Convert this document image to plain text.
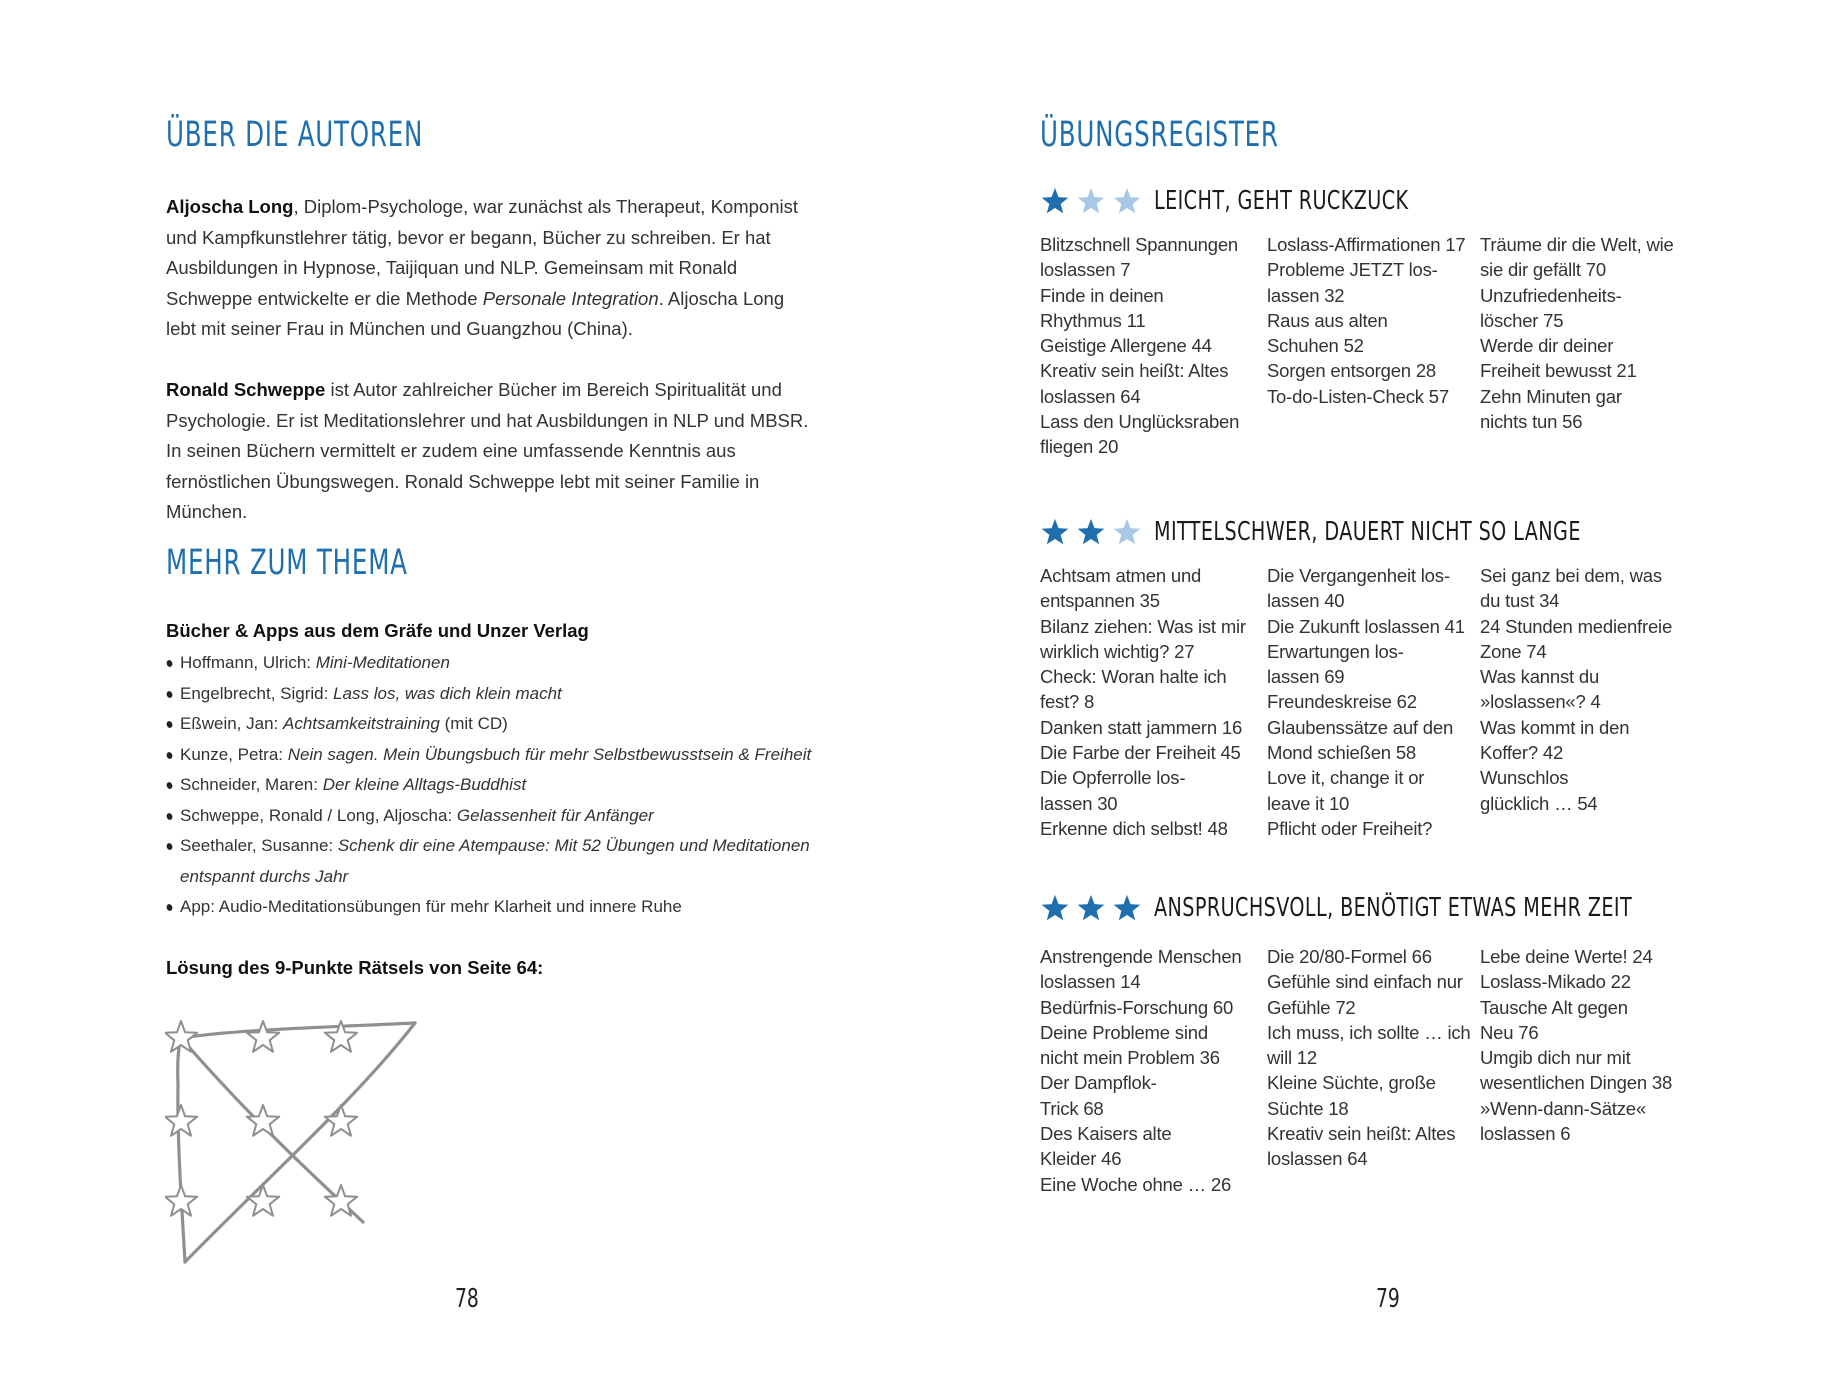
ÜBER DIE AUTOREN

Aljoscha Long, Diplom-Psychologe, war zunächst als Therapeut, Komponist und Kampfkunstlehrer tätig, bevor er begann, Bücher zu schreiben. Er hat Ausbildungen in Hypnose, Taijiquan und NLP. Gemeinsam mit Ronald Schweppe entwickelte er die Methode Personale Integration. Aljoscha Long lebt mit seiner Frau in München und Guangzhou (China).

Ronald Schweppe ist Autor zahlreicher Bücher im Bereich Spiritualität und Psychologie. Er ist Meditationslehrer und hat Ausbildungen in NLP und MBSR. In seinen Büchern vermittelt er zudem eine umfassende Kenntnis aus fernöstlichen Übungswegen. Ronald Schweppe lebt mit seiner Familie in München.

MEHR ZUM THEMA

Bücher & Apps aus dem Gräfe und Unzer Verlag

Hoffmann, Ulrich: Mini-Meditationen
Engelbrecht, Sigrid: Lass los, was dich klein macht
Eßwein, Jan: Achtsamkeitstraining (mit CD)
Kunze, Petra: Nein sagen. Mein Übungsbuch für mehr Selbstbewusstsein & Freiheit
Schneider, Maren: Der kleine Alltags-Buddhist
Schweppe, Ronald / Long, Aljoscha: Gelassenheit für Anfänger
Seethaler, Susanne: Schenk dir eine Atempause: Mit 52 Übungen und Meditationen entspannt durchs Jahr
App: Audio-Meditationsübungen für mehr Klarheit und innere Ruhe

Lösung des 9-Punkte Rätsels von Seite 64:

78
ÜBUNGSREGISTER
LEICHT, GEHT RUCKZUCK
Blitzschnell Spannungen
loslassen 7
Finde in deinen
Rhythmus 11
Geistige Allergene 44
Kreativ sein heißt: Altes
loslassen 64
Lass den Unglücksraben
fliegen 20
Loslass-Affirmationen 17
Probleme JETZT los-
lassen 32
Raus aus alten
Schuhen 52
Sorgen entsorgen 28
To-do-Listen-Check 57
Träume dir die Welt, wie
sie dir gefällt 70
Unzufriedenheits-
löscher 75
Werde dir deiner
Freiheit bewusst 21
Zehn Minuten gar
nichts tun 56
MITTELSCHWER, DAUERT NICHT SO LANGE
Achtsam atmen und
entspannen 35
Bilanz ziehen: Was ist mir
wirklich wichtig? 27
Check: Woran halte ich
fest? 8
Danken statt jammern 16
Die Farbe der Freiheit 45
Die Opferrolle los-
lassen 30
Erkenne dich selbst! 48
Die Vergangenheit los-
lassen 40
Die Zukunft loslassen 41
Erwartungen los-
lassen 69
Freundeskreise 62
Glaubenssätze auf den
Mond schießen 58
Love it, change it or
leave it 10
Pflicht oder Freiheit?
Sei ganz bei dem, was
du tust 34
24 Stunden medienfreie
Zone 74
Was kannst du
»loslassen«? 4
Was kommt in den
Koffer? 42
Wunschlos
glücklich … 54
ANSPRUCHSVOLL, BENÖTIGT ETWAS MEHR ZEIT
Anstrengende Menschen
loslassen 14
Bedürfnis-Forschung 60
Deine Probleme sind
nicht mein Problem 36
Der Dampflok-
Trick 68
Des Kaisers alte
Kleider 46
Eine Woche ohne … 26
Die 20/80-Formel 66
Gefühle sind einfach nur
Gefühle 72
Ich muss, ich sollte … ich
will 12
Kleine Süchte, große
Süchte 18
Kreativ sein heißt: Altes
loslassen 64
Lebe deine Werte! 24
Loslass-Mikado 22
Tausche Alt gegen
Neu 76
Umgib dich nur mit
wesentlichen Dingen 38
»Wenn-dann-Sätze«
loslassen 6
79
